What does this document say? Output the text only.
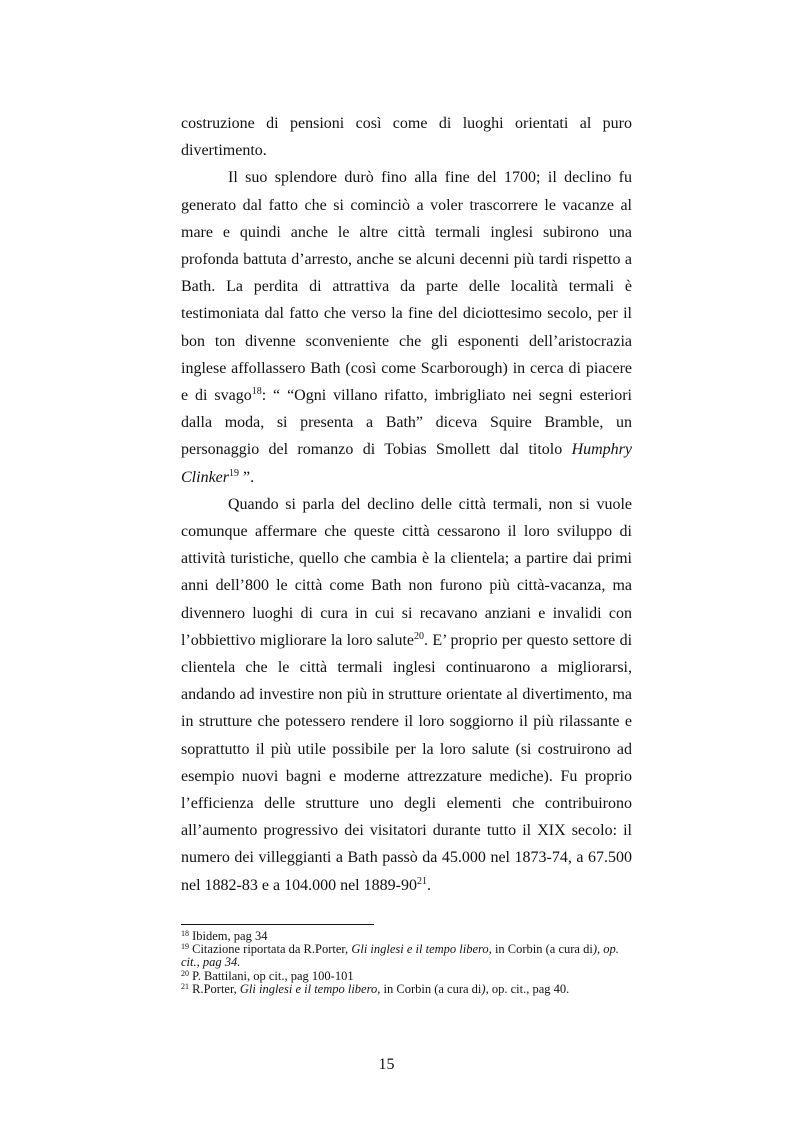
costruzione di pensioni così come di luoghi orientati al puro divertimento.

Il suo splendore durò fino alla fine del 1700; il declino fu generato dal fatto che si cominciò a voler trascorrere le vacanze al mare e quindi anche le altre città termali inglesi subirono una profonda battuta d’arresto, anche se alcuni decenni più tardi rispetto a Bath. La perdita di attrattiva da parte delle località termali è testimoniata dal fatto che verso la fine del diciottesimo secolo, per il bon ton divenne sconveniente che gli esponenti dell’aristocrazia inglese affollassero Bath (così come Scarborough) in cerca di piacere e di svago$^{18}$: “ “Ogni villano rifatto, imbrigliato nei segni esteriori dalla moda, si presenta a Bath” diceva Squire Bramble, un personaggio del romanzo di Tobias Smollett dal titolo Humphry Clinker$^{19}$ ”.

Quando si parla del declino delle città termali, non si vuole comunque affermare che queste città cessarono il loro sviluppo di attività turistiche, quello che cambia è la clientela; a partire dai primi anni dell’800 le città come Bath non furono più città-vacanza, ma divennero luoghi di cura in cui si recavano anziani e invalidi con l’obbiettivo migliorare la loro salute$^{20}$. E’ proprio per questo settore di clientela che le città termali inglesi continuarono a migliorarsi, andando ad investire non più in strutture orientate al divertimento, ma in strutture che potessero rendere il loro soggiorno il più rilassante e soprattutto il più utile possibile per la loro salute (si costruirono ad esempio nuovi bagni e moderne attrezzature mediche). Fu proprio l’efficienza delle strutture uno degli elementi che contribuirono all’aumento progressivo dei visitatori durante tutto il XIX secolo: il numero dei villeggianti a Bath passò da 45.000 nel 1873-74, a 67.500 nel 1882-83 e a 104.000 nel $1889-90^{21}$.

$^{18}$ Ibidem, pag 34

$^{19}$ Citazione riportata da R.Porter, Gli inglesi e il tempo libero, in Corbin (a cura di), op. cit., pag 34.

$^{20}$ P. Battilani, op cit., pag 100-101

$^{21}$ R.Porter, Gli inglesi e il tempo libero, in Corbin (a cura di), op. cit., pag 40.

15
